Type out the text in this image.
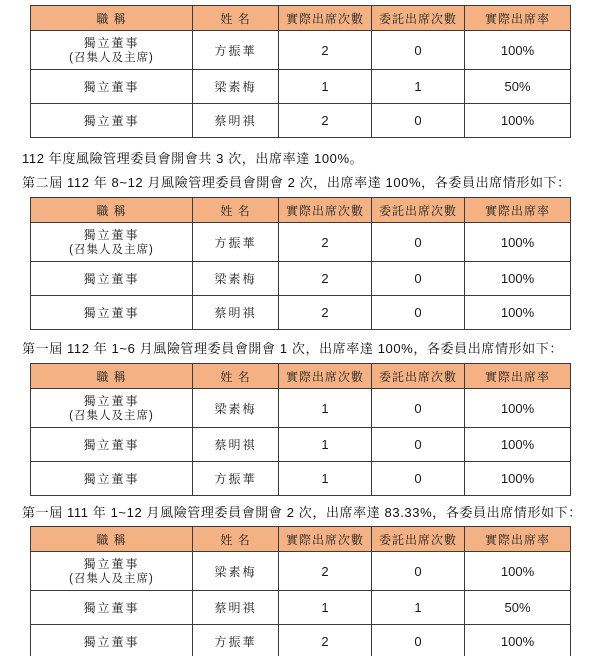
職 稱	姓 名	實際出席次數	委託出席次數	實際出席率

獨立董事
(召集人及主席)	方振華	2	0	100%
獨立董事	梁素梅	1	1	50%
獨立董事	蔡明祺	2	0	100%

112 年度風險管理委員會開會共 3 次，出席率達 100%。

第二屆 112 年 8~12 月風險管理委員會開會 2 次，出席率達 100%，各委員出席情形如下：

職 稱	姓 名	實際出席次數	委託出席次數	實際出席率

獨立董事
(召集人及主席)	方振華	2	0	100%
獨立董事	梁素梅	2	0	100%
獨立董事	蔡明祺	2	0	100%

第一屆 112 年 1~6 月風險管理委員會開會 1 次，出席率達 100%，各委員出席情形如下：

職 稱	姓 名	實際出席次數	委託出席次數	實際出席率

獨立董事
(召集人及主席)	梁素梅	1	0	100%
獨立董事	蔡明祺	1	0	100%
獨立董事	方振華	1	0	100%

第一屆 111 年 1~12 月風險管理委員會開會 2 次，出席率達 83.33%，各委員出席情形如下：

職 稱	姓 名	實際出席次數	委託出席次數	實際出席率

獨立董事
(召集人及主席)	梁素梅	2	0	100%
獨立董事	蔡明祺	1	1	50%
獨立董事	方振華	2	0	100%
